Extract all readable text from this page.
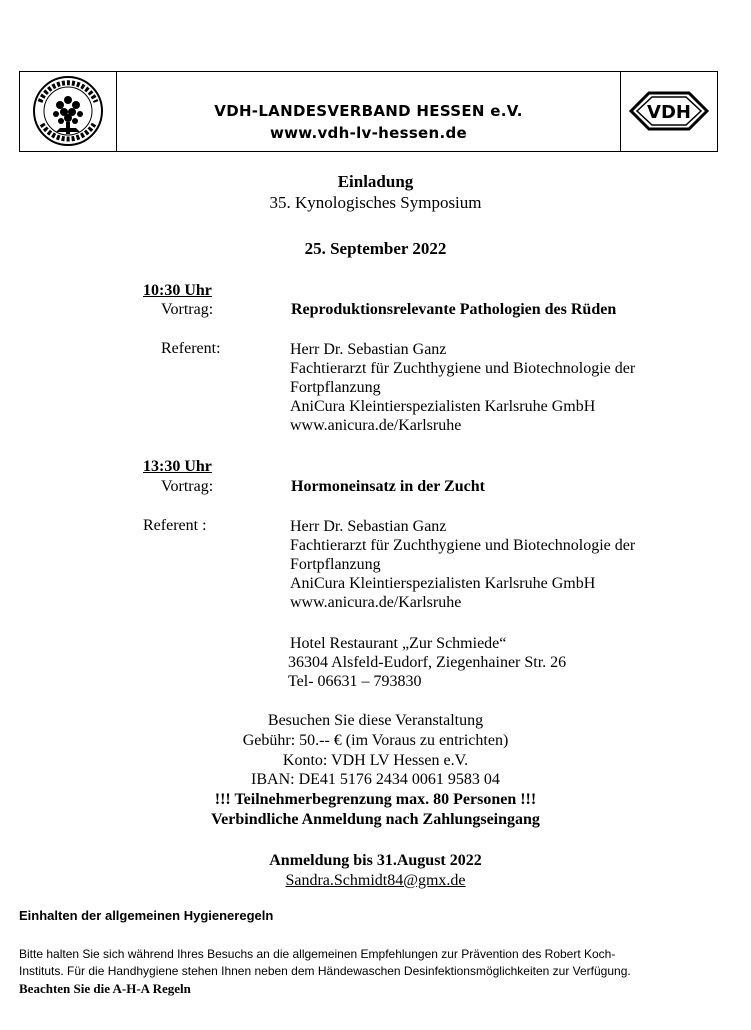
VDH-LANDESVERBAND HESSEN e.V.
www.vdh-lv-hessen.de
VDH
Einladung
35. Kynologisches Symposium
25. September 2022
10:30 Uhr
Vortrag:	Reproduktionsrelevante Pathologien des Rüden
Referent:	Herr Dr. Sebastian Ganz
Fachtierarzt für Zuchthygiene und Biotechnologie der
Fortpflanzung
AniCura Kleintierspezialisten Karlsruhe GmbH
www.anicura.de/Karlsruhe
13:30 Uhr
Vortrag:	Hormoneinsatz in der Zucht
Referent :	Herr Dr. Sebastian Ganz
Fachtierarzt für Zuchthygiene und Biotechnologie der
Fortpflanzung
AniCura Kleintierspezialisten Karlsruhe GmbH
www.anicura.de/Karlsruhe
Hotel Restaurant „Zur Schmiede“
36304 Alsfeld-Eudorf, Ziegenhainer Str. 26
Tel- 06631 – 793830
Besuchen Sie diese Veranstaltung
Gebühr: 50.-- € (im Voraus zu entrichten)
Konto: VDH LV Hessen e.V.
IBAN: DE41 5176 2434 0061 9583 04
!!! Teilnehmerbegrenzung max. 80 Personen !!!
Verbindliche Anmeldung nach Zahlungseingang
Anmeldung bis 31.August 2022
Sandra.Schmidt84@gmx.de
Einhalten der allgemeinen Hygieneregeln
Bitte halten Sie sich während Ihres Besuchs an die allgemeinen Empfehlungen zur Prävention des Robert Koch-
Instituts. Für die Handhygiene stehen Ihnen neben dem Händewaschen Desinfektionsmöglichkeiten zur Verfügung.
Beachten Sie die A-H-A Regeln
